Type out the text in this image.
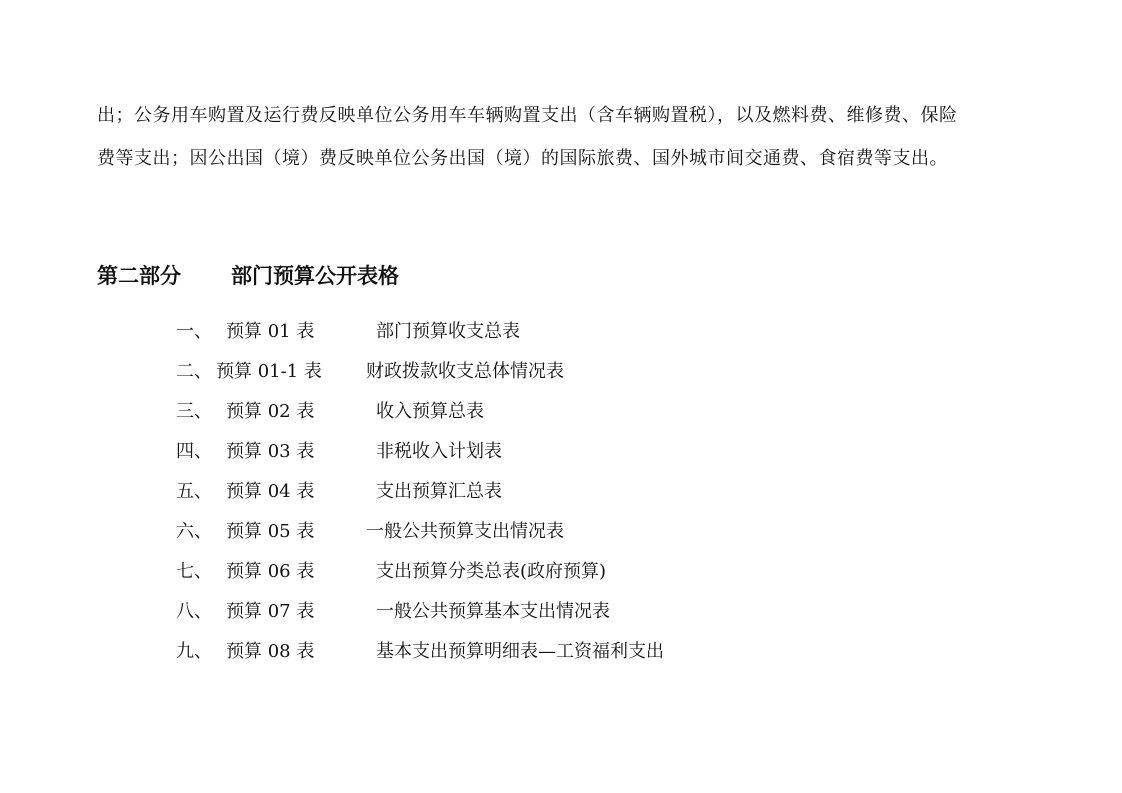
出；公务用车购置及运行费反映单位公务用车车辆购置支出（含车辆购置税），以及燃料费、维修费、保险
费等支出；因公出国（境）费反映单位公务出国（境）的国际旅费、国外城市间交通费、食宿费等支出。
第二部分 部门预算公开表格
一、 预算 01 表	部门预算收支总表
二、 预算 01-1 表 财政拨款收支总体情况表
三、 预算 02 表	收入预算总表
四、 预算 03 表	非税收入计划表
五、 预算 04 表	支出预算汇总表
六、 预算 05 表	一般公共预算支出情况表
七、 预算 06 表	支出预算分类总表(政府预算)
八、 预算 07 表	一般公共预算基本支出情况表
九、 预算 08 表	基本支出预算明细表—工资福利支出
